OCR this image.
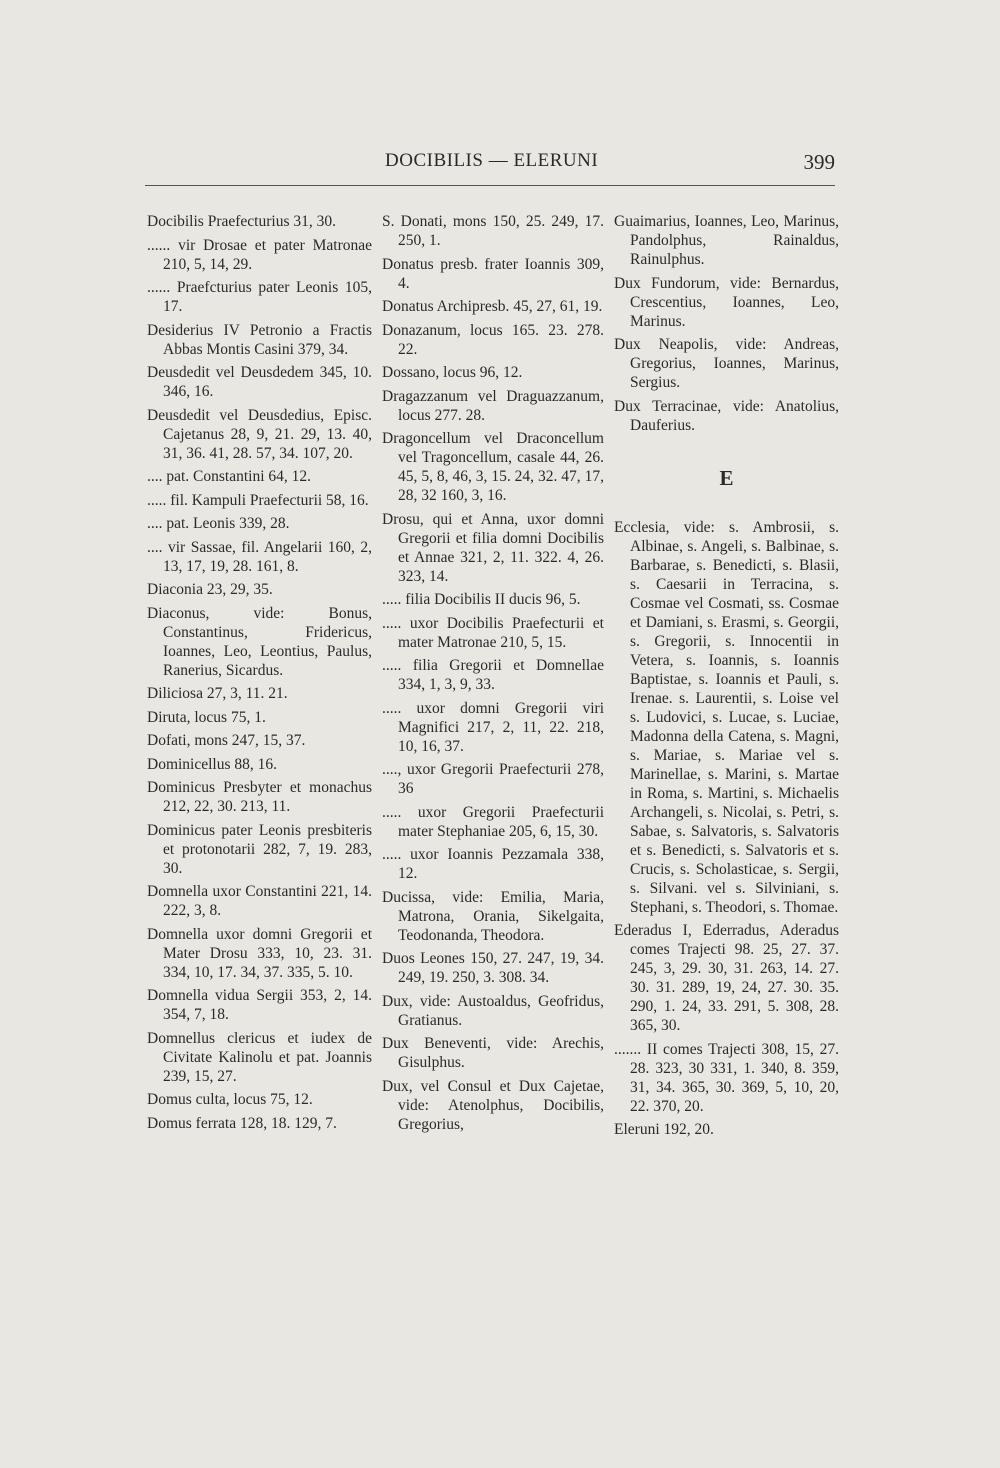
DOCIBILIS — ELERUNI	399
Docibilis Praefecturius 31, 30.
...... vir Drosae et pater Matronae 210, 5, 14, 29.
...... Praefcturius pater Leonis 105, 17.
Desiderius IV Petronio a Fractis Abbas Montis Casini 379, 34.
Deusdedit vel Deusdedem 345, 10. 346, 16.
Deusdedit vel Deusdedius, Episc. Cajetanus 28, 9, 21. 29, 13. 40, 31, 36. 41, 28. 57, 34. 107, 20.
.... pat. Constantini 64, 12.
..... fil. Kampuli Praefecturii 58, 16.
.... pat. Leonis 339, 28.
.... vir Sassae, fil. Angelarii 160, 2, 13, 17, 19, 28. 161, 8.
Diaconia 23, 29, 35.
Diaconus, vide: Bonus, Constantinus, Fridericus, Ioannes, Leo, Leontius, Paulus, Ranerius, Sicardus.
Diliciosa 27, 3, 11. 21.
Diruta, locus 75, 1.
Dofati, mons 247, 15, 37.
Dominicellus 88, 16.
Dominicus Presbyter et monachus 212, 22, 30. 213, 11.
Dominicus pater Leonis presbiteris et protonotarii 282, 7, 19. 283, 30.
Domnella uxor Constantini 221, 14. 222, 3, 8.
Domnella uxor domni Gregorii et Mater Drosu 333, 10, 23. 31. 334, 10, 17. 34, 37. 335, 5. 10.
Domnella vidua Sergii 353, 2, 14. 354, 7, 18.
Domnellus clericus et iudex de Civitate Kalinolu et pat. Joannis 239, 15, 27.
Domus culta, locus 75, 12.
Domus ferrata 128, 18. 129, 7.
S. Donati, mons 150, 25. 249, 17. 250, 1.
Donatus presb. frater Ioannis 309, 4.
Donatus Archipresb. 45, 27, 61, 19.
Donazanum, locus 165. 23. 278. 22.
Dossano, locus 96, 12.
Dragazzanum vel Draguazzanum, locus 277. 28.
Dragoncellum vel Draconcellum vel Tragoncellum, casale 44, 26. 45, 5, 8, 46, 3, 15. 24, 32. 47, 17, 28, 32 160, 3, 16.
Drosu, qui et Anna, uxor domni Gregorii et filia domni Docibilis et Annae 321, 2, 11. 322. 4, 26. 323, 14.
..... filia Docibilis II ducis 96, 5.
..... uxor Docibilis Praefecturii et mater Matronae 210, 5, 15.
..... filia Gregorii et Domnellae 334, 1, 3, 9, 33.
..... uxor domni Gregorii viri Magnifici 217, 2, 11, 22. 218, 10, 16, 37.
...., uxor Gregorii Praefecturii 278, 36
..... uxor Gregorii Praefecturii mater Stephaniae 205, 6, 15, 30.
..... uxor Ioannis Pezzamala 338, 12.
Ducissa, vide: Emilia, Maria, Matrona, Orania, Sikelgaita, Teodonanda, Theodora.
Duos Leones 150, 27. 247, 19, 34. 249, 19. 250, 3. 308. 34.
Dux, vide: Austoaldus, Geofridus, Gratianus.
Dux Beneventi, vide: Arechis, Gisulphus.
Dux, vel Consul et Dux Cajetae, vide: Atenolphus, Docibilis, Gregorius,
Guaimarius, Ioannes, Leo, Marinus, Pandolphus, Rainaldus, Rainulphus.
Dux Fundorum, vide: Bernardus, Crescentius, Ioannes, Leo, Marinus.
Dux Neapolis, vide: Andreas, Gregorius, Ioannes, Marinus, Sergius.
Dux Terracinae, vide: Anatolius, Dauferius.
E
Ecclesia, vide: s. Ambrosii, s. Albinae, s. Angeli, s. Balbinae, s. Barbarae, s. Benedicti, s. Blasii, s. Caesarii in Terracina, s. Cosmae vel Cosmati, ss. Cosmae et Damiani, s. Erasmi, s. Georgii, s. Gregorii, s. Innocentii in Vetera, s. Ioannis, s. Ioannis Baptistae, s. Ioannis et Pauli, s. Irenae. s. Laurentii, s. Loise vel s. Ludovici, s. Lucae, s. Luciae, Madonna della Catena, s. Magni, s. Mariae, s. Mariae vel s. Marinellae, s. Marini, s. Martae in Roma, s. Martini, s. Michaelis Archangeli, s. Nicolai, s. Petri, s. Sabae, s. Salvatoris, s. Salvatoris et s. Benedicti, s. Salvatoris et s. Crucis, s. Scholasticae, s. Sergii, s. Silvani. vel s. Silviniani, s. Stephani, s. Theodori, s. Thomae.
Ederadus I, Ederradus, Aderadus comes Trajecti 98. 25, 27. 37. 245, 3, 29. 30, 31. 263, 14. 27. 30. 31. 289, 19, 24, 27. 30. 35. 290, 1. 24, 33. 291, 5. 308, 28. 365, 30.
....... II comes Trajecti 308, 15, 27. 28. 323, 30 331, 1. 340, 8. 359, 31, 34. 365, 30. 369, 5, 10, 20, 22. 370, 20.
Eleruni 192, 20.
